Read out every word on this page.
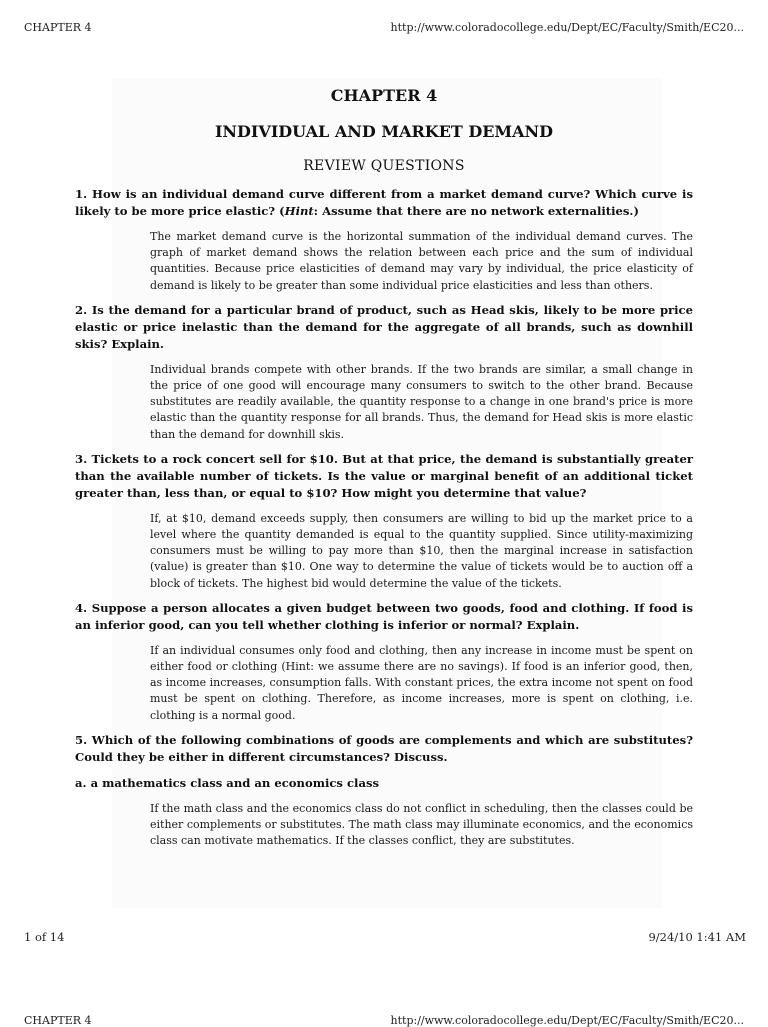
CHAPTER 4	http://www.coloradocollege.edu/Dept/EC/Faculty/Smith/EC20...
CHAPTER 4
INDIVIDUAL AND MARKET DEMAND
REVIEW QUESTIONS

1. How is an individual demand curve different from a market demand curve? Which curve is likely to be more price elastic? (Hint: Assume that there are no network externalities.)

The market demand curve is the horizontal summation of the individual demand curves. The graph of market demand shows the relation between each price and the sum of individual quantities. Because price elasticities of demand may vary by individual, the price elasticity of demand is likely to be greater than some individual price elasticities and less than others.

2. Is the demand for a particular brand of product, such as Head skis, likely to be more price elastic or price inelastic than the demand for the aggregate of all brands, such as downhill skis? Explain.

Individual brands compete with other brands. If the two brands are similar, a small change in the price of one good will encourage many consumers to switch to the other brand. Because substitutes are readily available, the quantity response to a change in one brand's price is more elastic than the quantity response for all brands. Thus, the demand for Head skis is more elastic than the demand for downhill skis.

3. Tickets to a rock concert sell for $10. But at that price, the demand is substantially greater than the available number of tickets. Is the value or marginal benefit of an additional ticket greater than, less than, or equal to $10? How might you determine that value?

If, at $10, demand exceeds supply, then consumers are willing to bid up the market price to a level where the quantity demanded is equal to the quantity supplied. Since utility-maximizing consumers must be willing to pay more than $10, then the marginal increase in satisfaction (value) is greater than $10. One way to determine the value of tickets would be to auction off a block of tickets. The highest bid would determine the value of the tickets.

4. Suppose a person allocates a given budget between two goods, food and clothing. If food is an inferior good, can you tell whether clothing is inferior or normal? Explain.

If an individual consumes only food and clothing, then any increase in income must be spent on either food or clothing (Hint: we assume there are no savings). If food is an inferior good, then, as income increases, consumption falls. With constant prices, the extra income not spent on food must be spent on clothing. Therefore, as income increases, more is spent on clothing, i.e. clothing is a normal good.

5. Which of the following combinations of goods are complements and which are substitutes? Could they be either in different circumstances? Discuss.

a. a mathematics class and an economics class

If the math class and the economics class do not conflict in scheduling, then the classes could be either complements or substitutes. The math class may illuminate economics, and the economics class can motivate mathematics. If the classes conflict, they are substitutes.

1 of 14	9/24/10 1:41 AM
CHAPTER 4	http://www.coloradocollege.edu/Dept/EC/Faculty/Smith/EC20...
